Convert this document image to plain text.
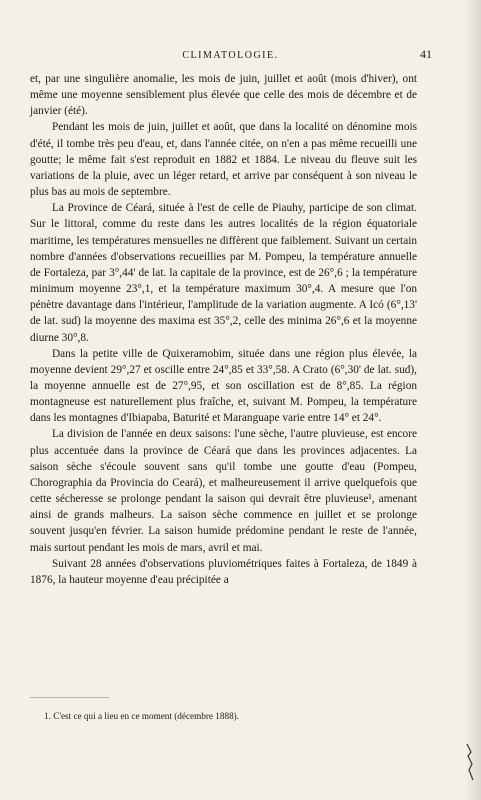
CLIMATOLOGIE.	41

et, par une singulière anomalie, les mois de juin, juillet et août (mois d'hiver), ont même une moyenne sensiblement plus élevée que celle des mois de décembre et de janvier (été).

Pendant les mois de juin, juillet et août, que dans la localité on dénomine mois d'été, il tombe très peu d'eau, et, dans l'année citée, on n'en a pas même recueilli une goutte; le même fait s'est reproduit en 1882 et 1884. Le niveau du fleuve suit les variations de la pluie, avec un léger retard, et arrive par conséquent à son niveau le plus bas au mois de septembre.

La Province de Céará, située à l'est de celle de Piauhy, participe de son climat. Sur le littoral, comme du reste dans les autres localités de la région équatoriale maritime, les températures mensuelles ne diffèrent que faiblement. Suivant un certain nombre d'années d'observations recueillies par M. Pompeu, la température annuelle de Fortaleza, par 3°,44' de lat. la capitale de la province, est de 26°,6 ; la température minimum moyenne 23°,1, et la température maximum 30°,4. A mesure que l'on pénètre davantage dans l'intérieur, l'amplitude de la variation augmente. A Icó (6°,13' de lat. sud) la moyenne des maxima est 35°,2, celle des minima 26°,6 et la moyenne diurne 30°,8.

Dans la petite ville de Quixeramobim, située dans une région plus élevée, la moyenne devient 29°,27 et oscille entre 24°,85 et 33°,58. A Crato (6°,30' de lat. sud), la moyenne annuelle est de 27°,95, et son oscillation est de 8°,85. La région montagneuse est naturellement plus fraîche, et, suivant M. Pompeu, la température dans les montagnes d'Ibiapaba, Baturité et Maranguape varie entre 14° et 24°.

La division de l'année en deux saisons: l'une sèche, l'autre pluvieuse, est encore plus accentuée dans la province de Céará que dans les provinces adjacentes. La saison sèche s'écoule souvent sans qu'il tombe une goutte d'eau (Pompeu, Chorographia da Provincia do Ceará), et malheureusement il arrive quelquefois que cette sécheresse se prolonge pendant la saison qui devrait être pluvieuse¹, amenant ainsi de grands malheurs. La saison sèche commence en juillet et se prolonge souvent jusqu'en février. La saison humide prédomine pendant le reste de l'année, mais surtout pendant les mois de mars, avril et mai.

Suivant 28 années d'observations pluviométriques faites à Fortaleza, de 1849 à 1876, la hauteur moyenne d'eau précipitée a

1. C'est ce qui a lieu en ce moment (décembre 1888).
